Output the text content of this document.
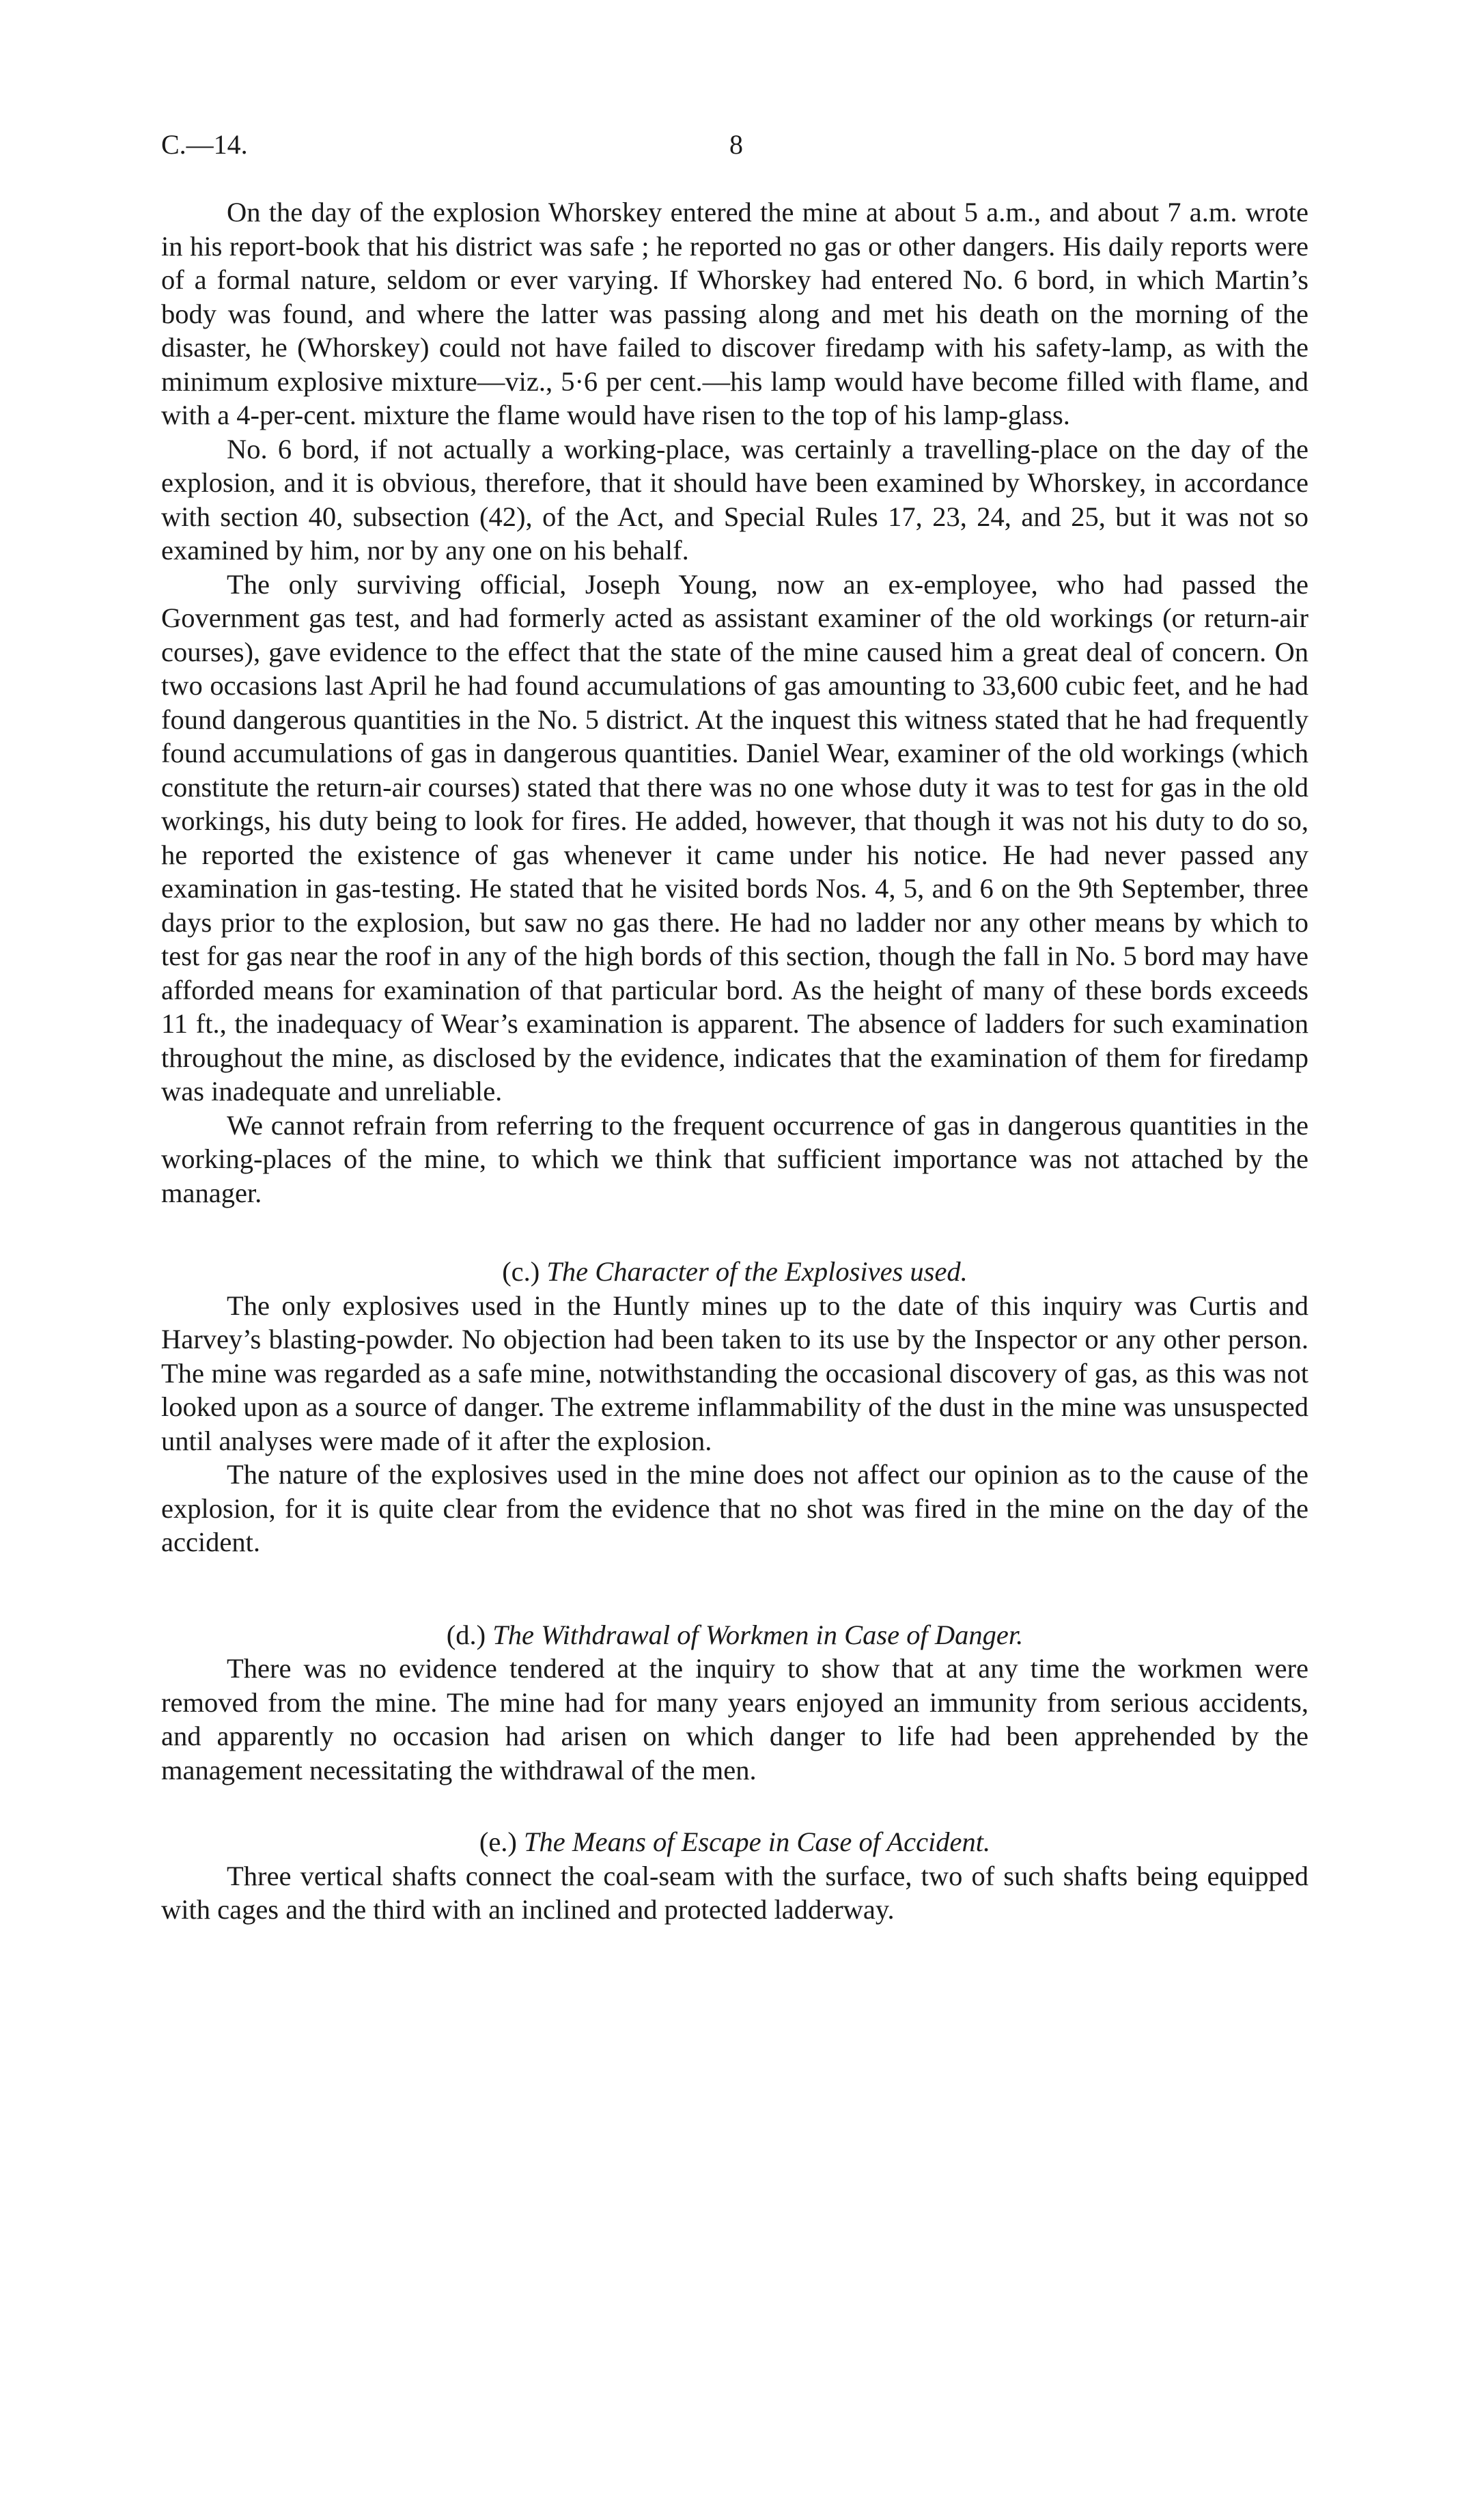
C.—14.	8

On the day of the explosion Whorskey entered the mine at about 5 a.m., and about 7 a.m. wrote in his report-book that his district was safe ; he reported no gas or other dangers. His daily reports were of a formal nature, seldom or ever varying. If Whorskey had entered No. 6 bord, in which Martin’s body was found, and where the latter was passing along and met his death on the morning of the disaster, he (Whorskey) could not have failed to discover firedamp with his safety-lamp, as with the minimum explosive mixture—viz., 5·6 per cent.—his lamp would have become filled with flame, and with a 4-per-cent. mixture the flame would have risen to the top of his lamp-glass.

No. 6 bord, if not actually a working-place, was certainly a travelling-place on the day of the explosion, and it is obvious, therefore, that it should have been examined by Whorskey, in accordance with section 40, subsection (42), of the Act, and Special Rules 17, 23, 24, and 25, but it was not so examined by him, nor by any one on his behalf.

The only surviving official, Joseph Young, now an ex-employee, who had passed the Government gas test, and had formerly acted as assistant examiner of the old workings (or return-air courses), gave evidence to the effect that the state of the mine caused him a great deal of concern. On two occasions last April he had found accumulations of gas amounting to 33,600 cubic feet, and he had found dangerous quantities in the No. 5 district. At the inquest this witness stated that he had frequently found accumulations of gas in dangerous quantities. Daniel Wear, examiner of the old workings (which constitute the return-air courses) stated that there was no one whose duty it was to test for gas in the old workings, his duty being to look for fires. He added, however, that though it was not his duty to do so, he reported the existence of gas whenever it came under his notice. He had never passed any examination in gas-testing. He stated that he visited bords Nos. 4, 5, and 6 on the 9th September, three days prior to the explosion, but saw no gas there. He had no ladder nor any other means by which to test for gas near the roof in any of the high bords of this section, though the fall in No. 5 bord may have afforded means for examination of that particular bord. As the height of many of these bords exceeds 11 ft., the inadequacy of Wear’s examination is apparent. The absence of ladders for such examination throughout the mine, as disclosed by the evidence, indicates that the examination of them for firedamp was inadequate and unreliable.

We cannot refrain from referring to the frequent occurrence of gas in dangerous quantities in the working-places of the mine, to which we think that sufficient importance was not attached by the manager.

(c.) The Character of the Explosives used.

The only explosives used in the Huntly mines up to the date of this inquiry was Curtis and Harvey’s blasting-powder. No objection had been taken to its use by the Inspector or any other person. The mine was regarded as a safe mine, notwithstanding the occasional discovery of gas, as this was not looked upon as a source of danger. The extreme inflammability of the dust in the mine was unsuspected until analyses were made of it after the explosion.

The nature of the explosives used in the mine does not affect our opinion as to the cause of the explosion, for it is quite clear from the evidence that no shot was fired in the mine on the day of the accident.

(d.) The Withdrawal of Workmen in Case of Danger.

There was no evidence tendered at the inquiry to show that at any time the workmen were removed from the mine. The mine had for many years enjoyed an immunity from serious accidents, and apparently no occasion had arisen on which danger to life had been apprehended by the management necessitating the withdrawal of the men.

(e.) The Means of Escape in Case of Accident.

Three vertical shafts connect the coal-seam with the surface, two of such shafts being equipped with cages and the third with an inclined and protected ladderway.
